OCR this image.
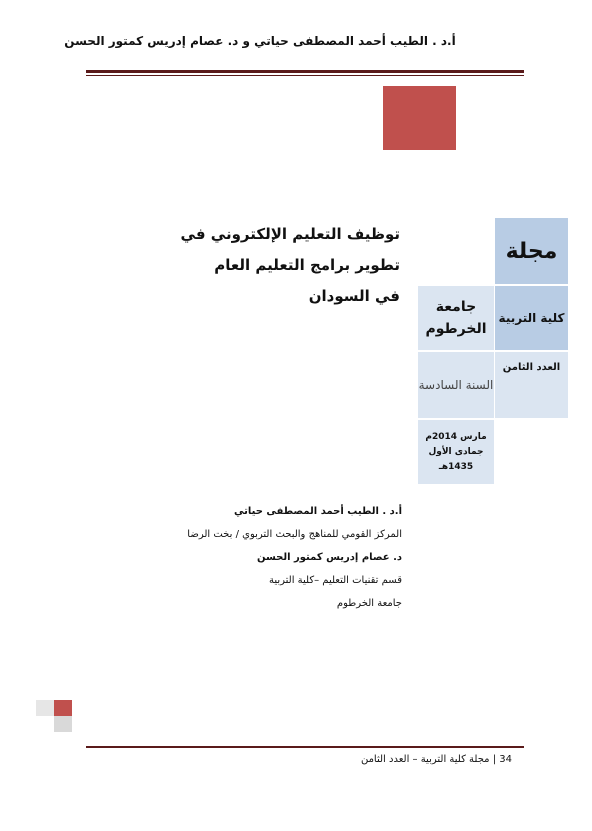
أ.د . الطيب أحمد المصطفى حياتي و د. عصام إدريس كمتور الحسن
توظيف التعليم الإلكتروني في تطوير برامج التعليم العام
في السودان
مجلة
جامعة الخرطوم
كلية التربية
السنة السادسة
العدد الثامن
مارس 2014م
جمادى الأول
1435هـ
أ.د . الطيب أحمد المصطفى حياتي
المركز القومي للمناهج والبحث التربوي / بخت الرضا
د. عصام إدريس كمتور الحسن
قسم تقنيات التعليم –كلية التربية
جامعة الخرطوم
34 | مجلة كلية التربية – العدد الثامن
